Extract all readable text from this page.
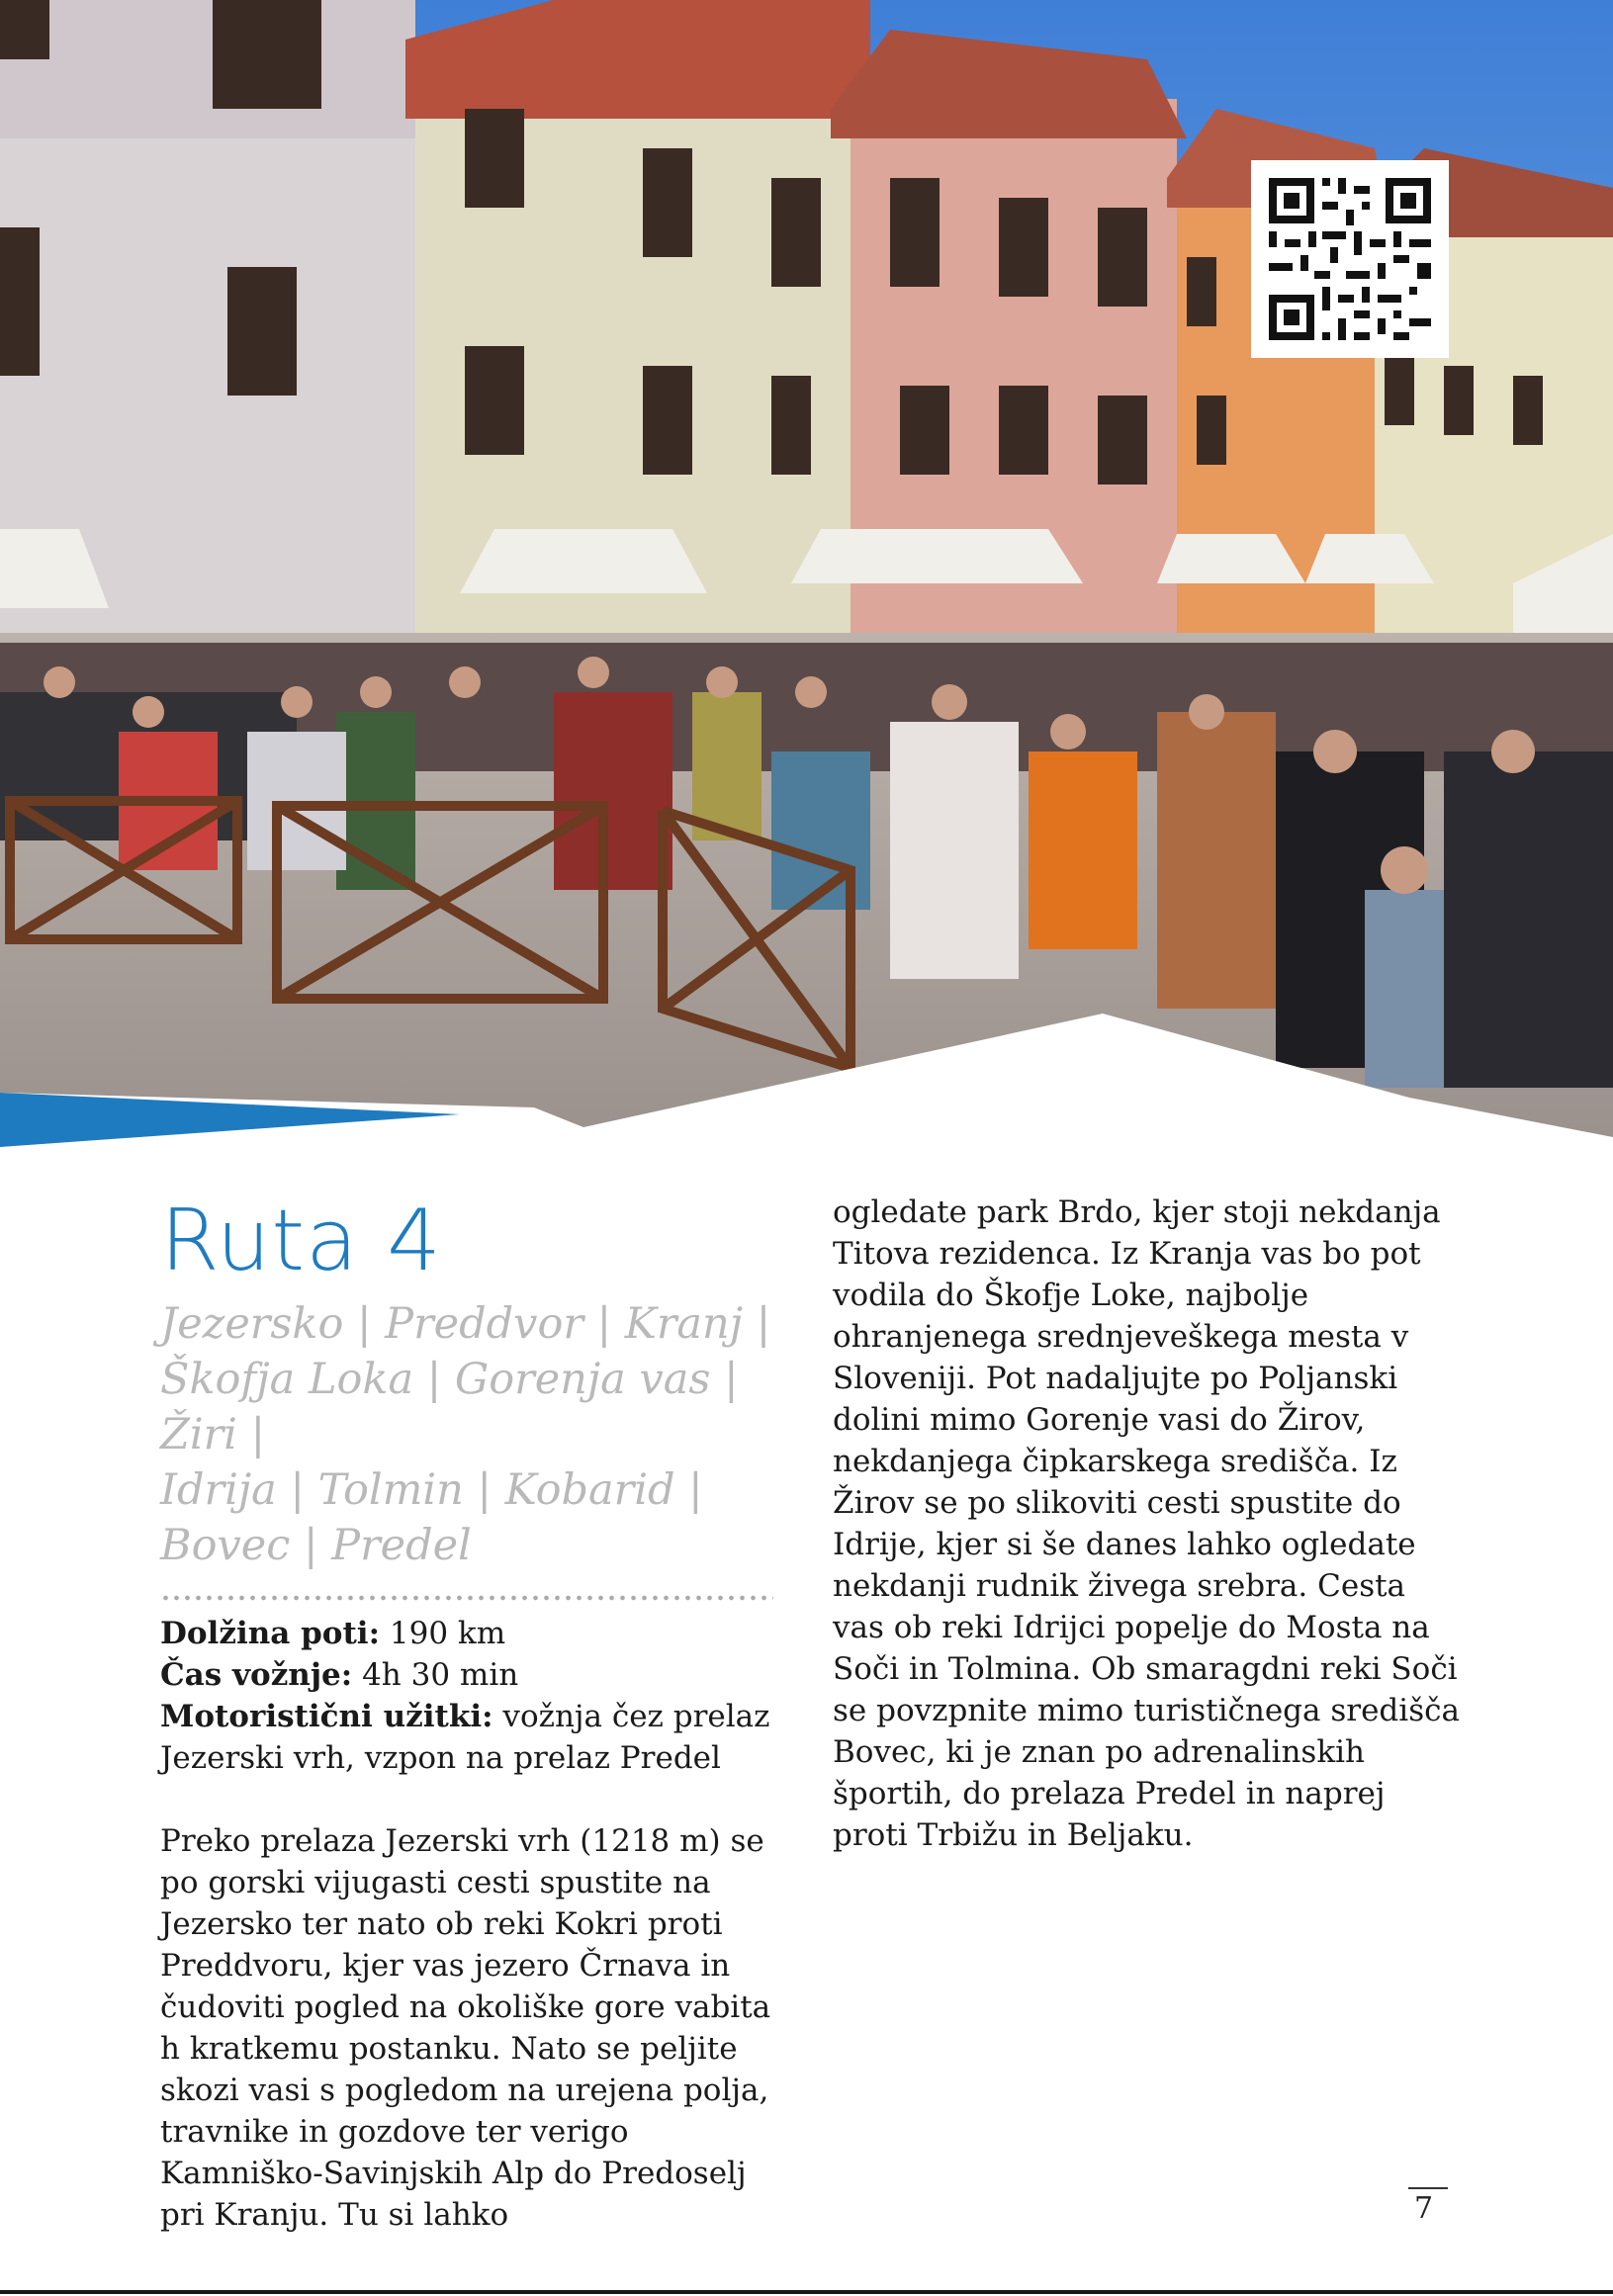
Ruta 4
Jezersko | Preddvor | Kranj |
Škofja Loka | Gorenja vas | Žiri |
Idrija | Tolmin | Kobarid |
Bovec | Predel

Dolžina poti: 190 km

Čas vožnje: 4h 30 min

Motoristični užitki: vožnja čez prelaz Jezerski vrh, vzpon na prelaz Predel

Preko prelaza Jezerski vrh (1218 m) se po gorski vijugasti cesti spustite na Jezersko ter nato ob reki Kokri proti Preddvoru, kjer vas jezero Črnava in čudoviti pogled na okoliške gore vabita h kratkemu postanku. Nato se peljite skozi vasi s pogledom na urejena polja, travnike in gozdove ter verigo Kamniško-Savinjskih Alp do Predoselj pri Kranju. Tu si lahko

ogledate park Brdo, kjer stoji nekdanja Titova rezidenca. Iz Kranja vas bo pot vodila do Škofje Loke, najbolje ohranjenega srednjeveškega mesta v Sloveniji. Pot nadaljujte po Poljanski dolini mimo Gorenje vasi do Žirov, nekdanjega čipkarskega središča. Iz Žirov se po slikoviti cesti spustite do Idrije, kjer si še danes lahko ogledate nekdanji rudnik živega srebra. Cesta vas ob reki Idrijci popelje do Mosta na Soči in Tolmina. Ob smaragdni reki Soči se povzpnite mimo turističnega središča Bovec, ki je znan po adrenalinskih športih, do prelaza Predel in naprej proti Trbižu in Beljaku.

7
